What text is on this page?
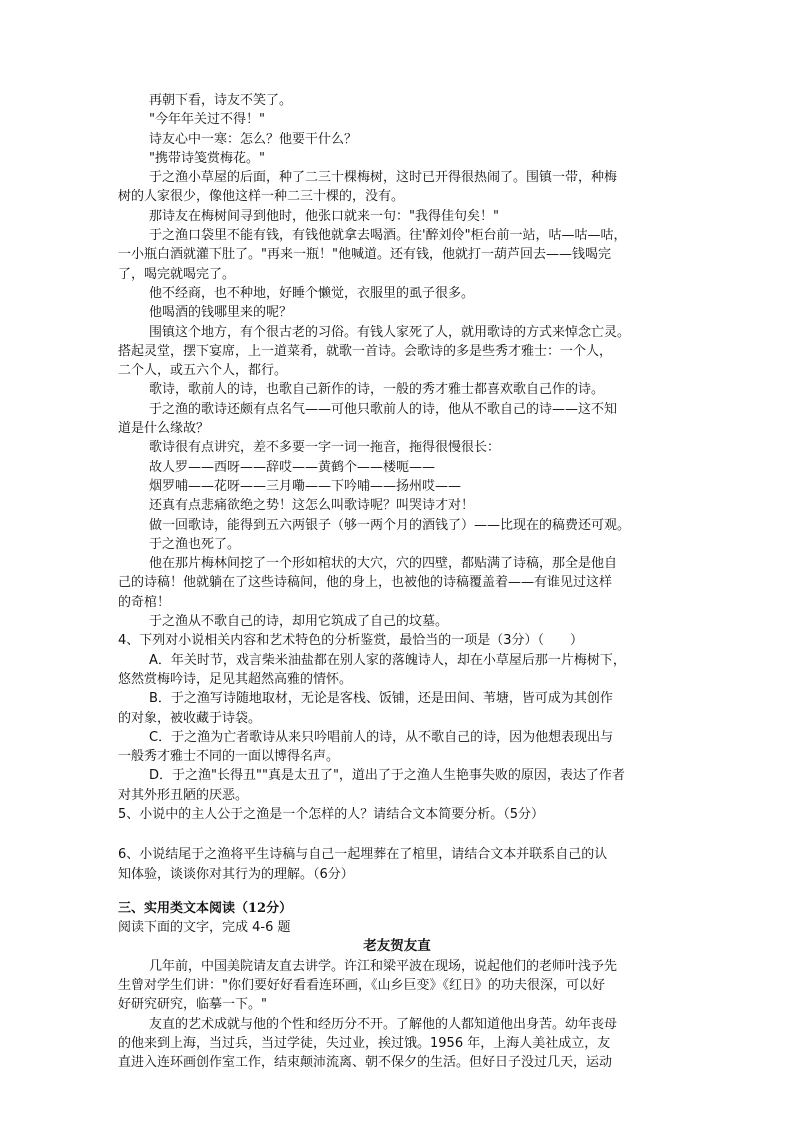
再朝下看，诗友不笑了。
"今年年关过不得！"
诗友心中一寒：怎么？他要干什么？
"携带诗笺赏梅花。"
于之渔小草屋的后面，种了二三十棵梅树，这时已开得很热闹了。围镇一带，种梅
树的人家很少，像他这样一种二三十棵的，没有。
那诗友在梅树间寻到他时，他张口就来一句："我得佳句矣！"
于之渔口袋里不能有钱，有钱他就拿去喝酒。往'醉刘伶"柜台前一站，咕—咕—咕，
一小瓶白酒就灌下肚了。"再来一瓶！"他喊道。还有钱，他就打一葫芦回去——钱喝完
了，喝完就喝完了。
他不经商，也不种地，好睡个懒觉，衣服里的虱子很多。
他喝酒的钱哪里来的呢？
围镇这个地方，有个很古老的习俗。有钱人家死了人，就用歌诗的方式来悼念亡灵。
搭起灵堂，摆下宴席，上一道菜肴，就歌一首诗。会歌诗的多是些秀才雅士：一个人，
二个人，或五六个人，都行。
歌诗，歌前人的诗，也歌自己新作的诗，一般的秀才雅士都喜欢歌自己作的诗。
于之渔的歌诗还颇有点名气——可他只歌前人的诗，他从不歌自己的诗——这不知
道是什么缘故？
歌诗很有点讲究，差不多要一字一词一拖音，拖得很慢很长：
故人罗——西呀——辞哎——黄鹤个——楼呃——
烟罗哺——花呀——三月嘞——下吟哺——扬州哎——
还真有点悲痛欲绝之势！这怎么叫歌诗呢？叫哭诗才对！
做一回歌诗，能得到五六两银子（够一两个月的酒钱了）——比现在的稿费还可观。
于之渔也死了。
他在那片梅林间挖了一个形如棺状的大穴，穴的四壁，都贴满了诗稿，那全是他自
己的诗稿！他就躺在了这些诗稿间，他的身上，也被他的诗稿覆盖着——有谁见过这样
的奇棺！
于之渔从不歌自己的诗，却用它筑成了自己的坟墓。
4、下列对小说相关内容和艺术特色的分析鉴赏，最恰当的一项是（3分）（　　）
A．年关时节，戏言柴米油盐都在别人家的落魄诗人，却在小草屋后那一片梅树下，
悠然赏梅吟诗，足见其超然高雅的情怀。
B．于之渔写诗随地取材，无论是客栈、饭铺，还是田间、苇塘，皆可成为其创作
的对象，被收藏于诗袋。
C．于之渔为亡者歌诗从来只吟唱前人的诗，从不歌自己的诗，因为他想表现出与
一般秀才雅士不同的一面以博得名声。
D．于之渔"长得丑""真是太丑了"，道出了于之渔人生艳事失败的原因，表达了作者
对其外形丑陋的厌恶。
5、小说中的主人公于之渔是一个怎样的人？请结合文本简要分析。（5分）
6、小说结尾于之渔将平生诗稿与自己一起埋葬在了棺里，请结合文本并联系自己的认
知体验，谈谈你对其行为的理解。（6分）
三、实用类文本阅读（12分）
阅读下面的文字，完成 4-6 题
老友贺友直
几年前，中国美院请友直去讲学。许江和梁平波在现场，说起他们的老师叶浅予先
生曾对学生们讲："你们要好好看看连环画，《山乡巨变》《红日》的功夫很深，可以好
好研究研究，临摹一下。"
友直的艺术成就与他的个性和经历分不开。了解他的人都知道他出身苦。幼年丧母
的他来到上海，当过兵，当过学徒，失过业，挨过饿。1956 年，上海人美社成立，友
直进入连环画创作室工作，结束颠沛流离、朝不保夕的生活。但好日子没过几天，运动
